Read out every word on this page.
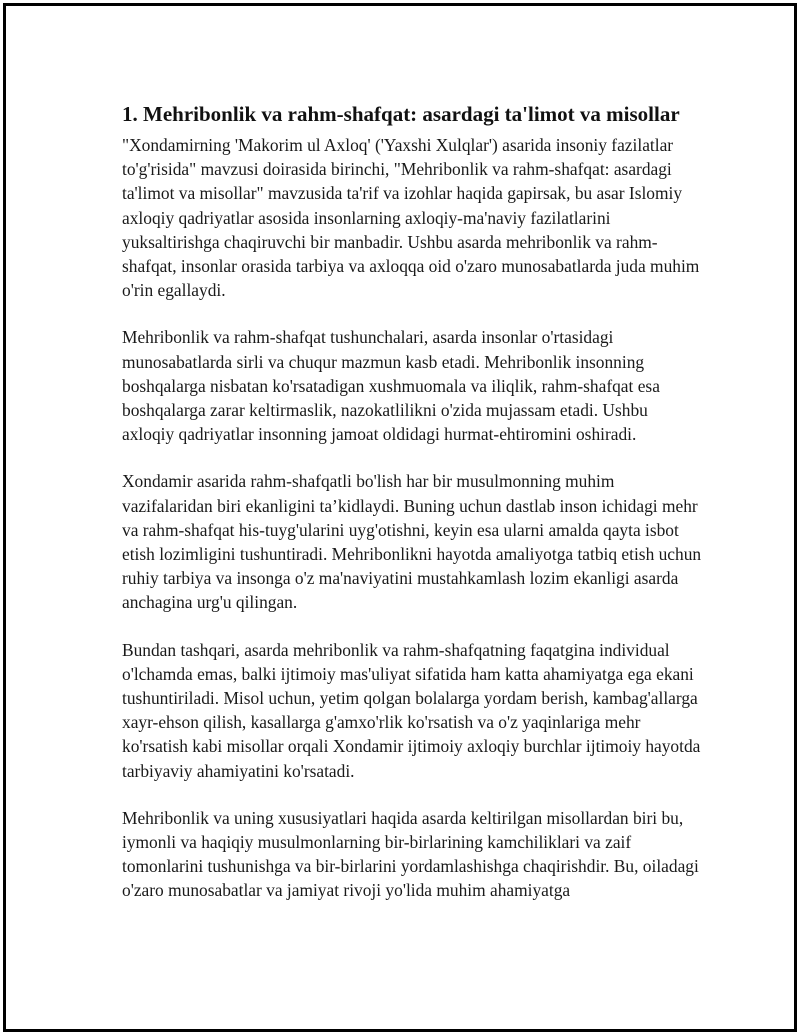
1. Mehribonlik va rahm-shafqat: asardagi ta'limot va misollar

"Xondamirning 'Makorim ul Axloq' ('Yaxshi Xulqlar') asarida insoniy fazilatlar to'g'risida" mavzusi doirasida birinchi, "Mehribonlik va rahm-shafqat: asardagi ta'limot va misollar" mavzusida ta'rif va izohlar haqida gapirsak, bu asar Islomiy axloqiy qadriyatlar asosida insonlarning axloqiy-ma'naviy fazilatlarini yuksaltirishga chaqiruvchi bir manbadir. Ushbu asarda mehribonlik va rahm-shafqat, insonlar orasida tarbiya va axloqqa oid o'zaro munosabatlarda juda muhim o'rin egallaydi.

Mehribonlik va rahm-shafqat tushunchalari, asarda insonlar o'rtasidagi munosabatlarda sirli va chuqur mazmun kasb etadi. Mehribonlik insonning boshqalarga nisbatan ko'rsatadigan xushmuomala va iliqlik, rahm-shafqat esa boshqalarga zarar keltirmaslik, nazokatlilikni o'zida mujassam etadi. Ushbu axloqiy qadriyatlar insonning jamoat oldidagi hurmat-ehtiromini oshiradi.

Xondamir asarida rahm-shafqatli bo'lish har bir musulmonning muhim vazifalaridan biri ekanligini ta’kidlaydi. Buning uchun dastlab inson ichidagi mehr va rahm-shafqat his-tuyg'ularini uyg'otishni, keyin esa ularni amalda qayta isbot etish lozimligini tushuntiradi. Mehribonlikni hayotda amaliyotga tatbiq etish uchun ruhiy tarbiya va insonga o'z ma'naviyatini mustahkamlash lozim ekanligi asarda anchagina urg'u qilingan.

Bundan tashqari, asarda mehribonlik va rahm-shafqatning faqatgina individual o'lchamda emas, balki ijtimoiy mas'uliyat sifatida ham katta ahamiyatga ega ekani tushuntiriladi. Misol uchun, yetim qolgan bolalarga yordam berish, kambag'allarga xayr-ehson qilish, kasallarga g'amxo'rlik ko'rsatish va o'z yaqinlariga mehr ko'rsatish kabi misollar orqali Xondamir ijtimoiy axloqiy burchlar ijtimoiy hayotda tarbiyaviy ahamiyatini ko'rsatadi.

Mehribonlik va uning xususiyatlari haqida asarda keltirilgan misollardan biri bu, iymonli va haqiqiy musulmonlarning bir-birlarining kamchiliklari va zaif tomonlarini tushunishga va bir-birlarini yordamlashishga chaqirishdir. Bu, oiladagi o'zaro munosabatlar va jamiyat rivoji yo'lida muhim ahamiyatga
